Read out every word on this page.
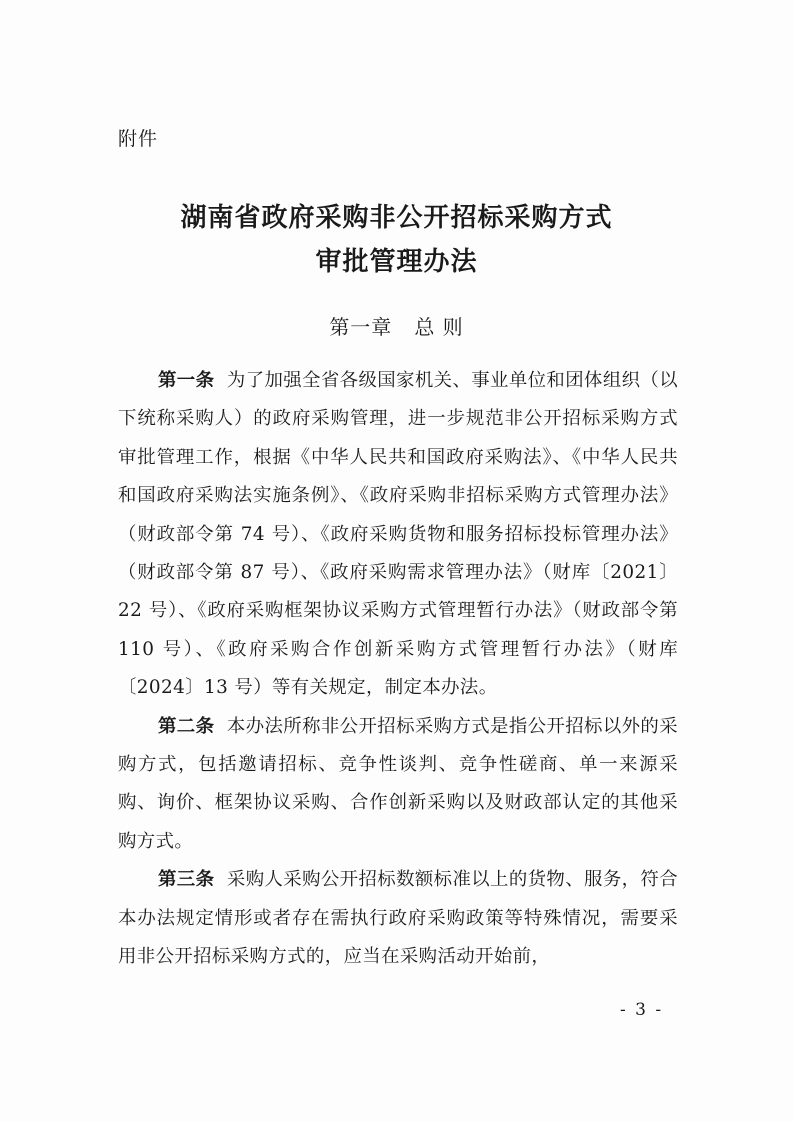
附件
湖南省政府采购非公开招标采购方式
审批管理办法
第一章 总 则

第一条 为了加强全省各级国家机关、事业单位和团体组织（以下统称采购人）的政府采购管理，进一步规范非公开招标采购方式审批管理工作，根据《中华人民共和国政府采购法》、《中华人民共和国政府采购法实施条例》、《政府采购非招标采购方式管理办法》（财政部令第 74 号）、《政府采购货物和服务招标投标管理办法》（财政部令第 87 号）、《政府采购需求管理办法》（财库〔2021〕22 号）、《政府采购框架协议采购方式管理暂行办法》（财政部令第 110 号）、《政府采购合作创新采购方式管理暂行办法》（财库〔2024〕13 号）等有关规定，制定本办法。

第二条 本办法所称非公开招标采购方式是指公开招标以外的采购方式，包括邀请招标、竞争性谈判、竞争性磋商、单一来源采购、询价、框架协议采购、合作创新采购以及财政部认定的其他采购方式。

第三条 采购人采购公开招标数额标准以上的货物、服务，符合本办法规定情形或者存在需执行政府采购政策等特殊情况，需要采用非公开招标采购方式的，应当在采购活动开始前，

- 3 -
